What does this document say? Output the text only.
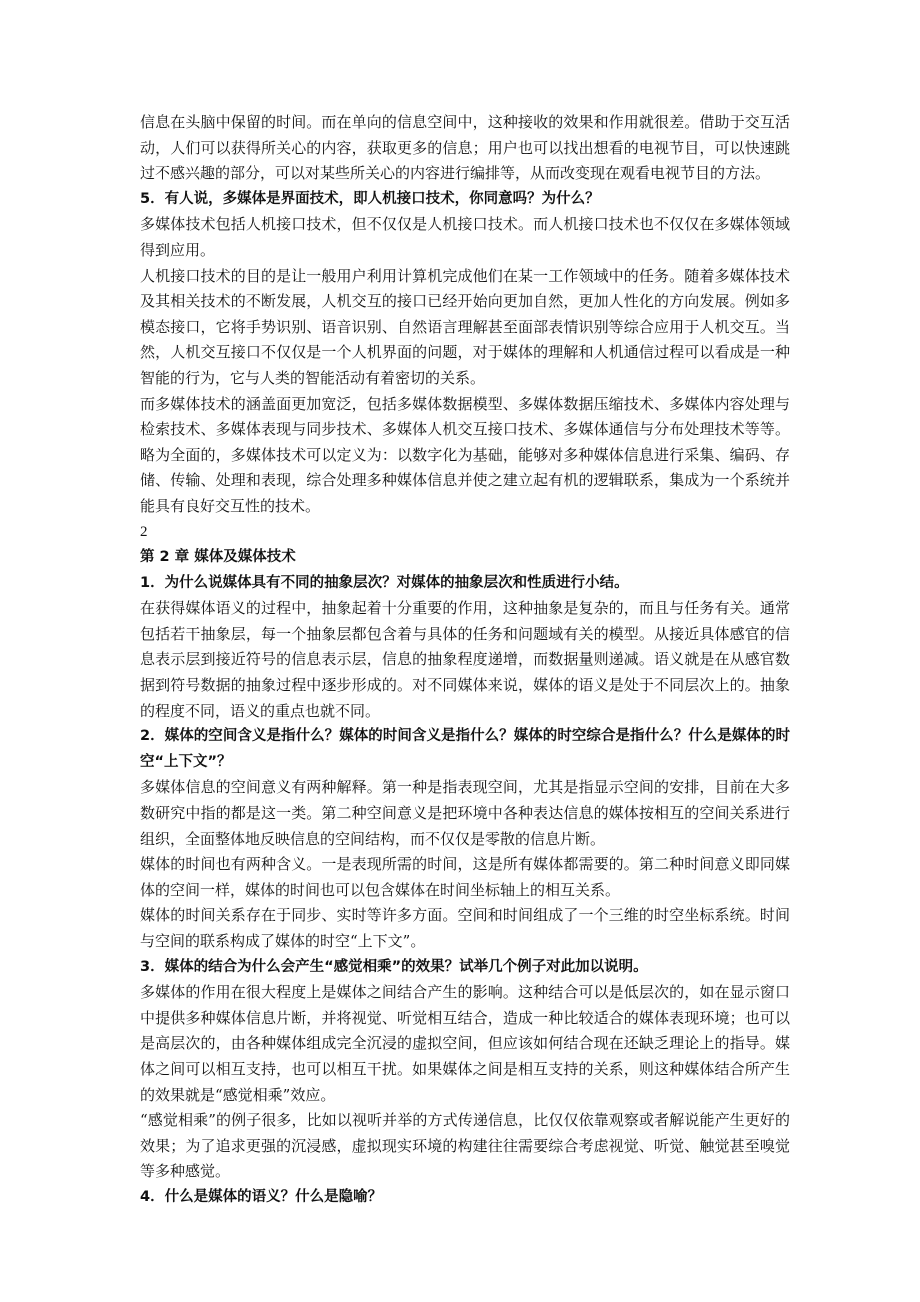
信息在头脑中保留的时间。而在单向的信息空间中，这种接收的效果和作用就很差。借助于交互活动，人们可以获得所关心的内容，获取更多的信息；用户也可以找出想看的电视节目，可以快速跳过不感兴趣的部分，可以对某些所关心的内容进行编排等，从而改变现在观看电视节目的方法。

5．有人说，多媒体是界面技术，即人机接口技术，你同意吗？为什么？

多媒体技术包括人机接口技术，但不仅仅是人机接口技术。而人机接口技术也不仅仅在多媒体领域得到应用。

人机接口技术的目的是让一般用户利用计算机完成他们在某一工作领域中的任务。随着多媒体技术及其相关技术的不断发展，人机交互的接口已经开始向更加自然，更加人性化的方向发展。例如多模态接口，它将手势识别、语音识别、自然语言理解甚至面部表情识别等综合应用于人机交互。当然，人机交互接口不仅仅是一个人机界面的问题，对于媒体的理解和人机通信过程可以看成是一种智能的行为，它与人类的智能活动有着密切的关系。

而多媒体技术的涵盖面更加宽泛，包括多媒体数据模型、多媒体数据压缩技术、多媒体内容处理与检索技术、多媒体表现与同步技术、多媒体人机交互接口技术、多媒体通信与分布处理技术等等。略为全面的，多媒体技术可以定义为：以数字化为基础，能够对多种媒体信息进行采集、编码、存储、传输、处理和表现，综合处理多种媒体信息并使之建立起有机的逻辑联系，集成为一个系统并能具有良好交互性的技术。

2

第 2 章 媒体及媒体技术

1．为什么说媒体具有不同的抽象层次？对媒体的抽象层次和性质进行小结。

在获得媒体语义的过程中，抽象起着十分重要的作用，这种抽象是复杂的，而且与任务有关。通常包括若干抽象层，每一个抽象层都包含着与具体的任务和问题域有关的模型。从接近具体感官的信息表示层到接近符号的信息表示层，信息的抽象程度递增，而数据量则递减。语义就是在从感官数据到符号数据的抽象过程中逐步形成的。对不同媒体来说，媒体的语义是处于不同层次上的。抽象的程度不同，语义的重点也就不同。

2．媒体的空间含义是指什么？媒体的时间含义是指什么？媒体的时空综合是指什么？什么是媒体的时空“上下文”？

多媒体信息的空间意义有两种解释。第一种是指表现空间，尤其是指显示空间的安排，目前在大多数研究中指的都是这一类。第二种空间意义是把环境中各种表达信息的媒体按相互的空间关系进行组织，全面整体地反映信息的空间结构，而不仅仅是零散的信息片断。

媒体的时间也有两种含义。一是表现所需的时间，这是所有媒体都需要的。第二种时间意义即同媒体的空间一样，媒体的时间也可以包含媒体在时间坐标轴上的相互关系。

媒体的时间关系存在于同步、实时等许多方面。空间和时间组成了一个三维的时空坐标系统。时间与空间的联系构成了媒体的时空“上下文”。

3．媒体的结合为什么会产生“感觉相乘”的效果？试举几个例子对此加以说明。

多媒体的作用在很大程度上是媒体之间结合产生的影响。这种结合可以是低层次的，如在显示窗口中提供多种媒体信息片断，并将视觉、听觉相互结合，造成一种比较适合的媒体表现环境；也可以是高层次的，由各种媒体组成完全沉浸的虚拟空间，但应该如何结合现在还缺乏理论上的指导。媒体之间可以相互支持，也可以相互干扰。如果媒体之间是相互支持的关系，则这种媒体结合所产生的效果就是“感觉相乘”效应。

“感觉相乘”的例子很多，比如以视听并举的方式传递信息，比仅仅依靠观察或者解说能产生更好的效果；为了追求更强的沉浸感，虚拟现实环境的构建往往需要综合考虑视觉、听觉、触觉甚至嗅觉等多种感觉。

4．什么是媒体的语义？什么是隐喻？
